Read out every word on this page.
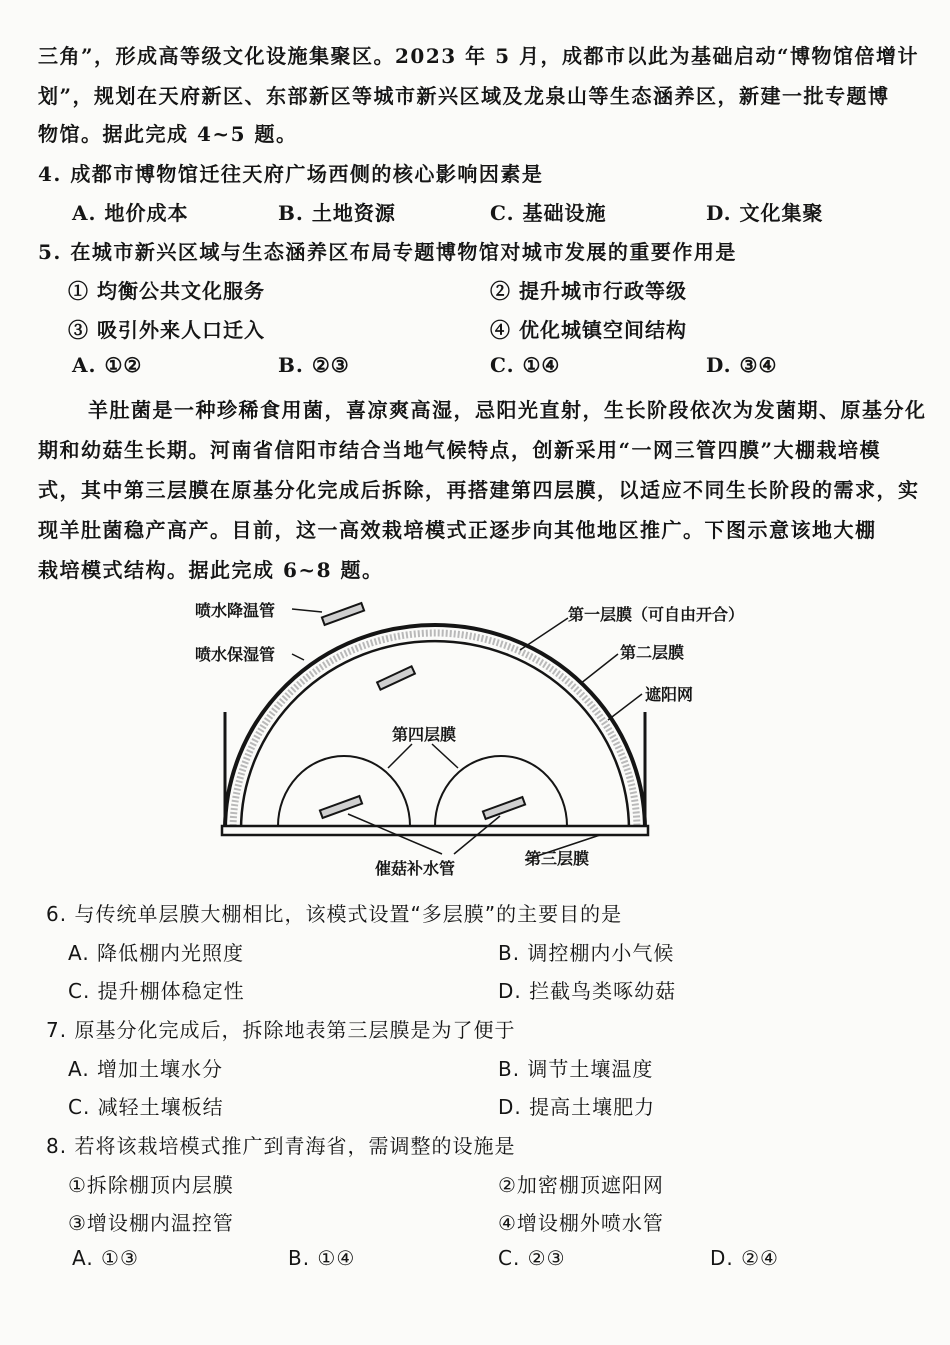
三角”，形成高等级文化设施集聚区。2023 年 5 月，成都市以此为基础启动“博物馆倍增计
划”，规划在天府新区、东部新区等城市新兴区域及龙泉山等生态涵养区，新建一批专题博
物馆。据此完成 4~5 题。
4. 成都市博物馆迁往天府广场西侧的核心影响因素是
A. 地价成本	B. 土地资源	C. 基础设施	D. 文化集聚
5. 在城市新兴区域与生态涵养区布局专题博物馆对城市发展的重要作用是
① 均衡公共文化服务	② 提升城市行政等级
③ 吸引外来人口迁入	④ 优化城镇空间结构
A. ①②	B. ②③	C. ①④	D. ③④
羊肚菌是一种珍稀食用菌，喜凉爽高湿，忌阳光直射，生长阶段依次为发菌期、原基分化
期和幼菇生长期。河南省信阳市结合当地气候特点，创新采用“一网三管四膜”大棚栽培模
式，其中第三层膜在原基分化完成后拆除，再搭建第四层膜，以适应不同生长阶段的需求，实
现羊肚菌稳产高产。目前，这一高效栽培模式正逐步向其他地区推广。下图示意该地大棚
栽培模式结构。据此完成 6~8 题。
喷水降温管
喷水保湿管
第一层膜（可自由开合）
第二层膜
遮阳网
第四层膜
催菇补水管
第三层膜
6. 与传统单层膜大棚相比，该模式设置“多层膜”的主要目的是
A. 降低棚内光照度	B. 调控棚内小气候
C. 提升棚体稳定性	D. 拦截鸟类啄幼菇
7. 原基分化完成后，拆除地表第三层膜是为了便于
A. 增加土壤水分	B. 调节土壤温度
C. 减轻土壤板结	D. 提高土壤肥力
8. 若将该栽培模式推广到青海省，需调整的设施是
①拆除棚顶内层膜	②加密棚顶遮阳网
③增设棚内温控管	④增设棚外喷水管
A. ①③	B. ①④	C. ②③	D. ②④
